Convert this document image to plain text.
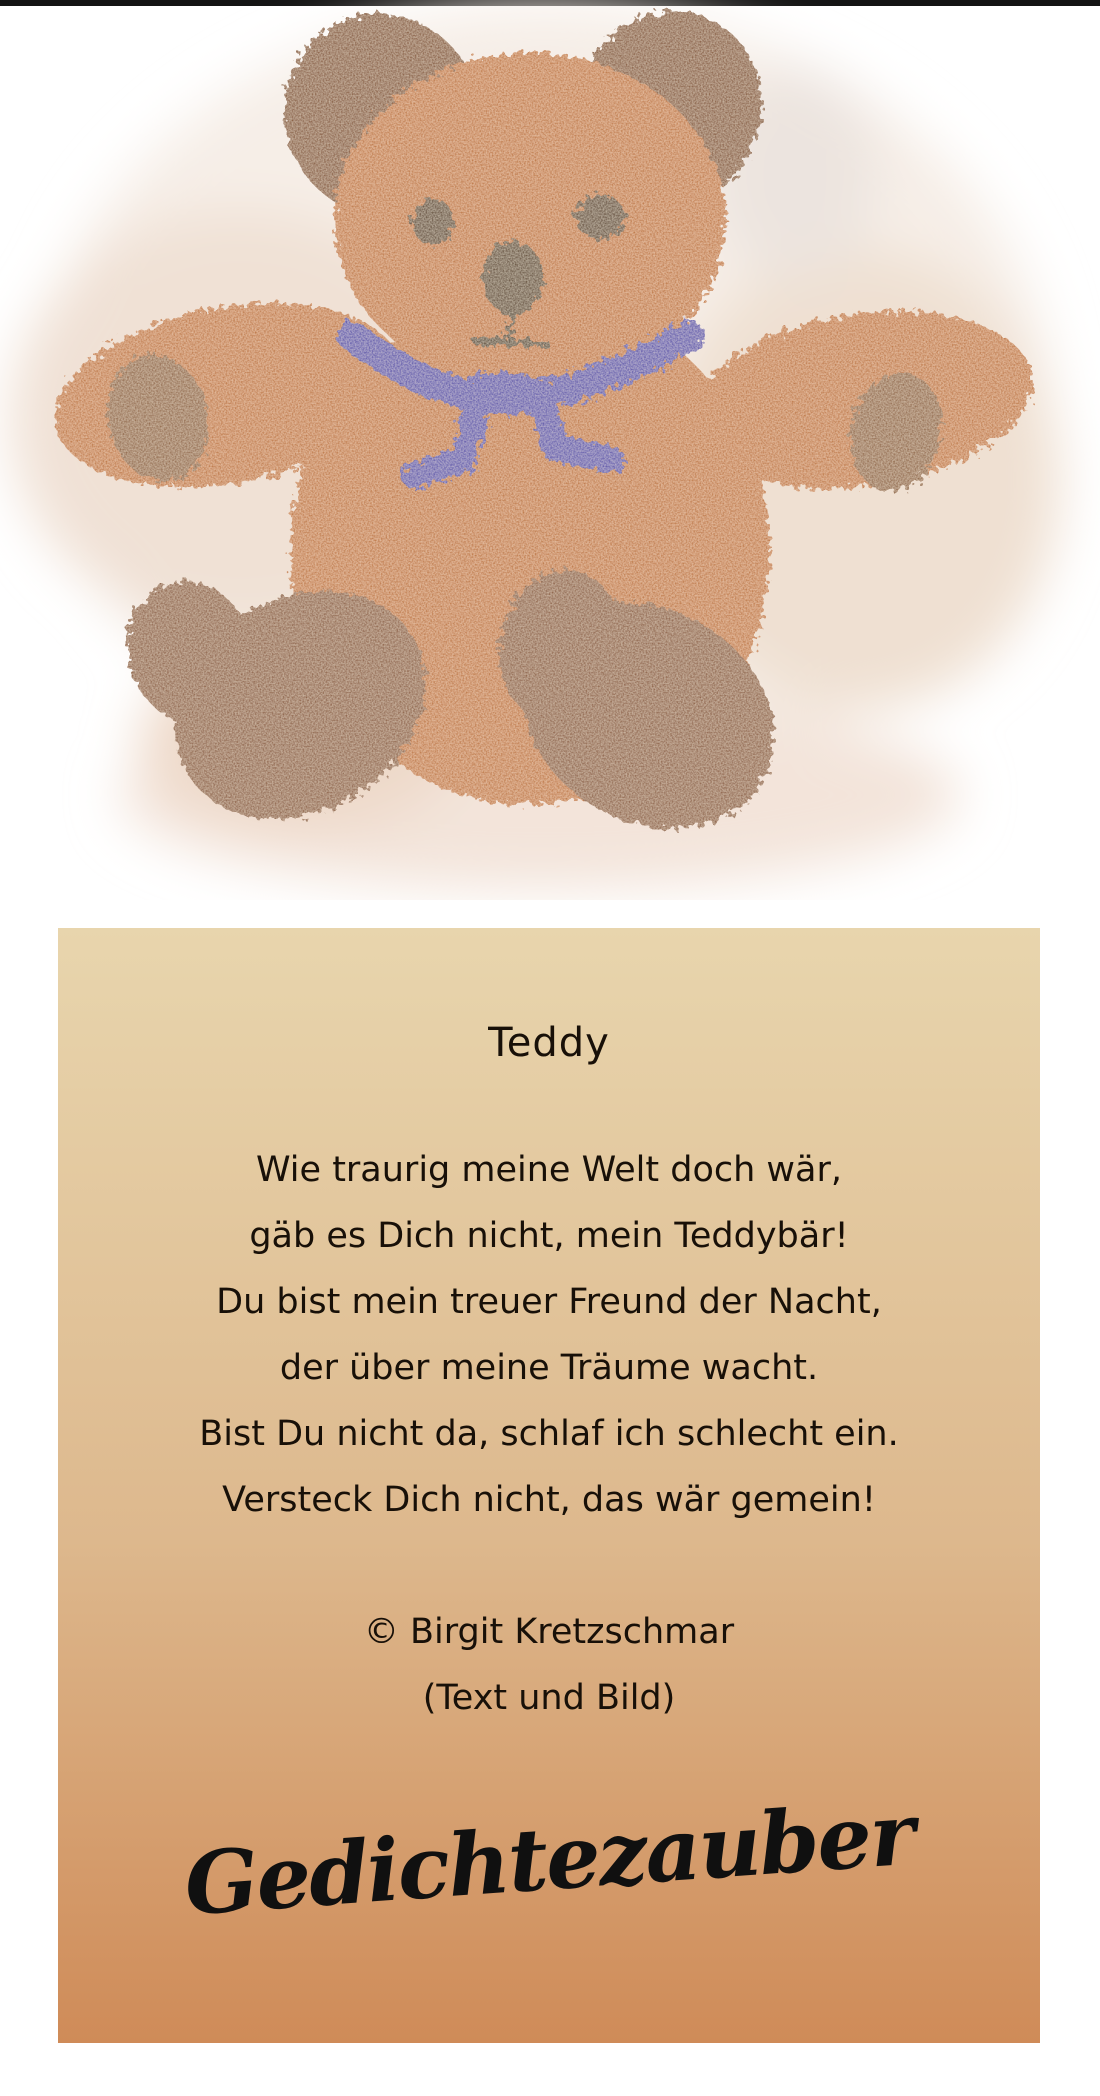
Teddy
Wie traurig meine Welt doch wär,
gäb es Dich nicht, mein Teddybär!
Du bist mein treuer Freund der Nacht,
der über meine Träume wacht.
Bist Du nicht da, schlaf ich schlecht ein.
Versteck Dich nicht, das wär gemein!
© Birgit Kretzschmar
(Text und Bild)
Gedichtezauber
